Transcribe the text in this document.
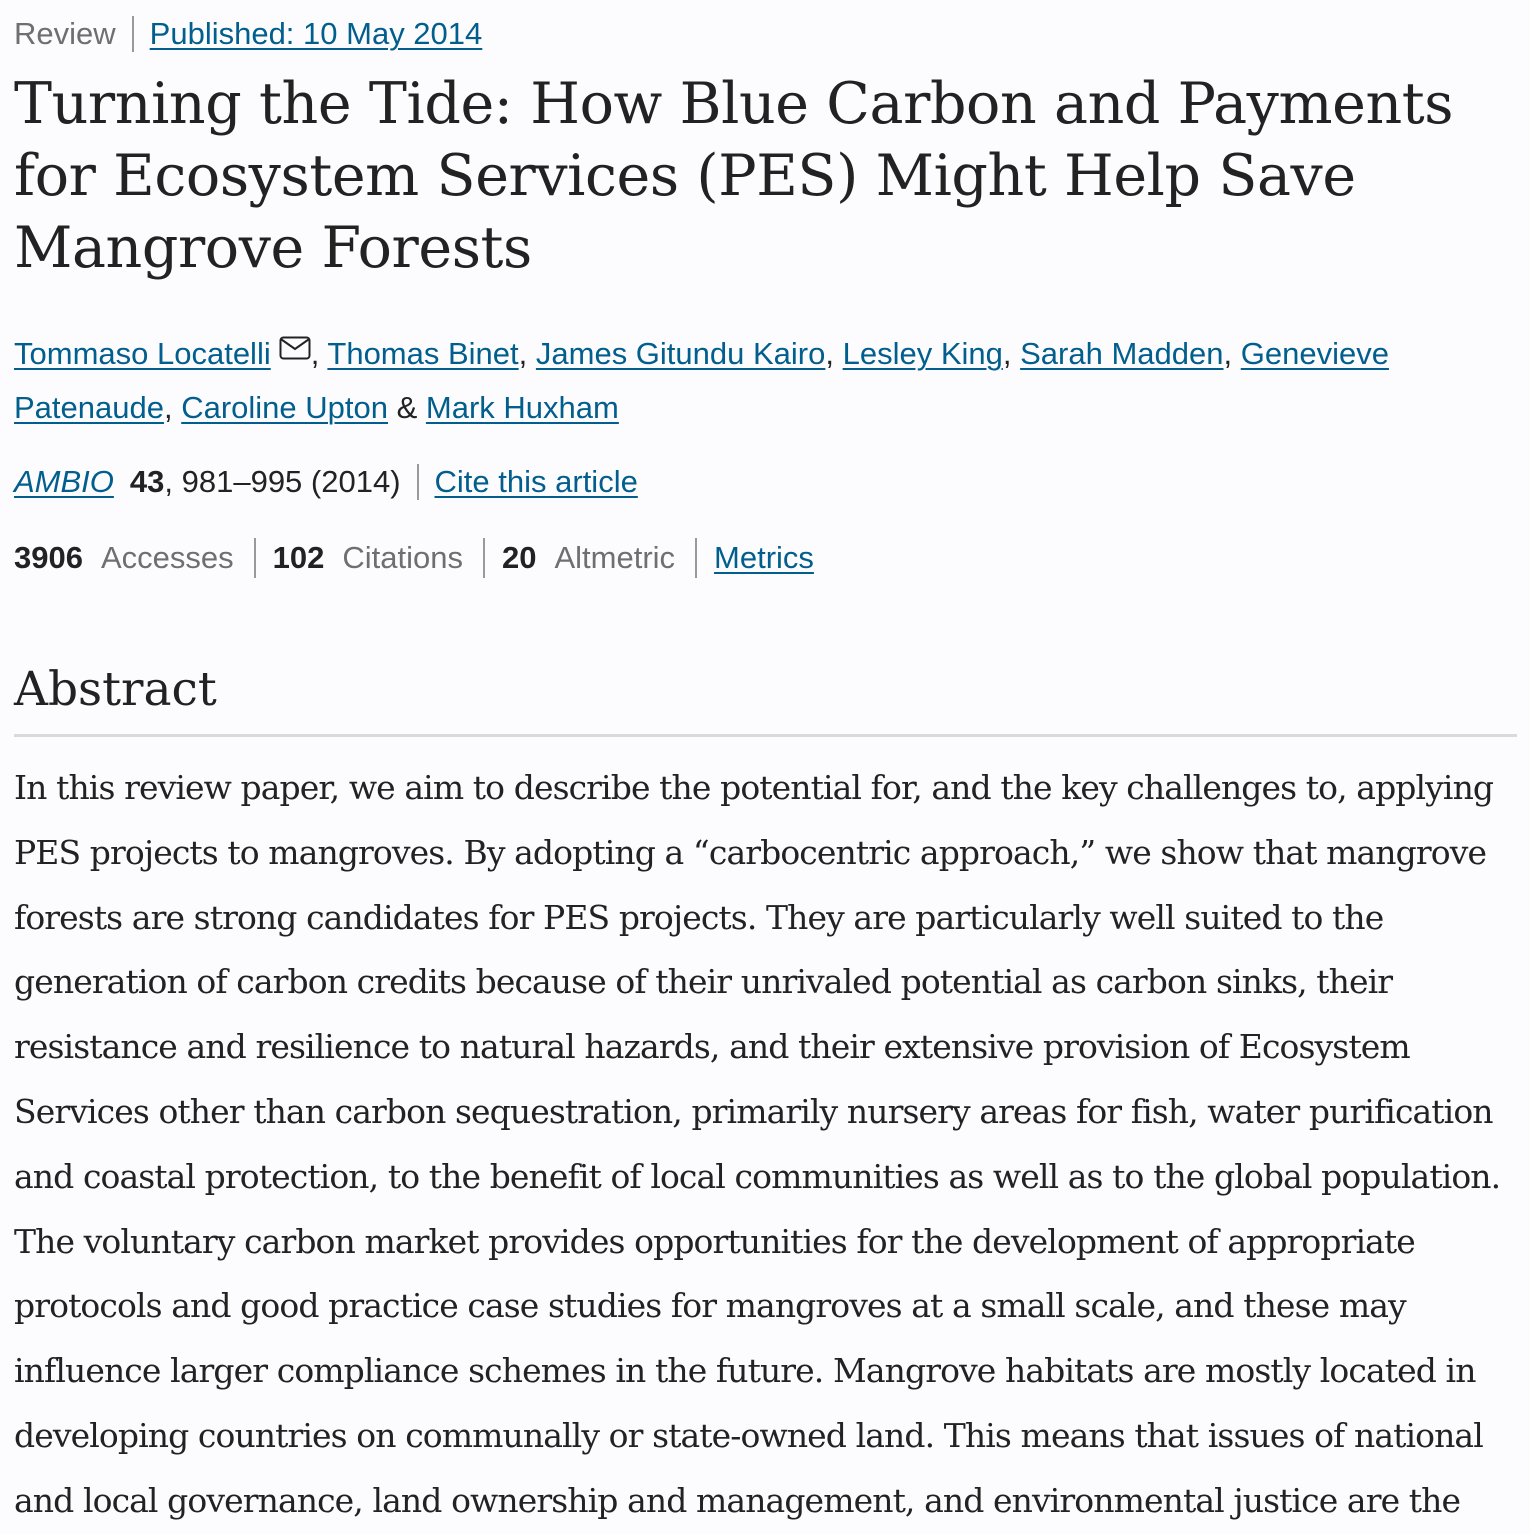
Review Published: 10 May 2014
Turning the Tide: How Blue Carbon and Payments for Ecosystem Services (PES) Might Help Save Mangrove Forests
Tommaso Locatelli , Thomas Binet, James Gitundu Kairo, Lesley King, Sarah Madden, Genevieve Patenaude, Caroline Upton & Mark Huxham
AMBIO 43 , 981–995 (2014) Cite this article
3906 Accesses 102 Citations 20 Altmetric Metrics
Abstract

In this review paper, we aim to describe the potential for, and the key challenges to, applying PES projects to mangroves. By adopting a “carbocentric approach,” we show that mangrove forests are strong candidates for PES projects. They are particularly well suited to the generation of carbon credits because of their unrivaled potential as carbon sinks, their resistance and resilience to natural hazards, and their extensive provision of Ecosystem Services other than carbon sequestration, primarily nursery areas for fish, water purification and coastal protection, to the benefit of local communities as well as to the global population. The voluntary carbon market provides opportunities for the development of appropriate protocols and good practice case studies for mangroves at a small scale, and these may influence larger compliance schemes in the future. Mangrove habitats are mostly located in developing countries on communally or state-owned land. This means that issues of national and local governance, land ownership and management, and environmental justice are the
